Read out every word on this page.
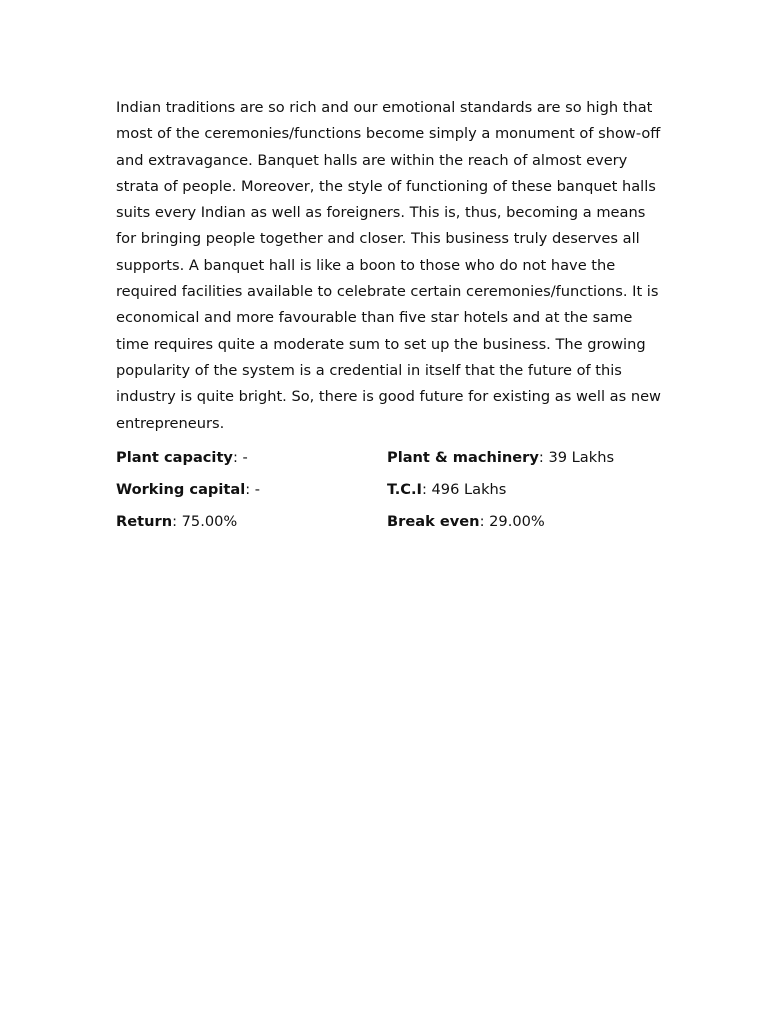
Indian traditions are so rich and our emotional standards are so high that most of the ceremonies/functions become simply a monument of show-off and extravagance. Banquet halls are within the reach of almost every strata of people. Moreover, the style of functioning of these banquet halls suits every Indian as well as foreigners. This is, thus, becoming a means for bringing people together and closer. This business truly deserves all supports. A banquet hall is like a boon to those who do not have the required facilities available to celebrate certain ceremonies/functions. It is economical and more favourable than five star hotels and at the same time requires quite a moderate sum to set up the business. The growing popularity of the system is a credential in itself that the future of this industry is quite bright. So, there is good future for existing as well as new entrepreneurs.

Plant capacity: -	Plant & machinery: 39 Lakhs
Working capital: -	T.C.I: 496 Lakhs
Return: 75.00%	Break even: 29.00%
